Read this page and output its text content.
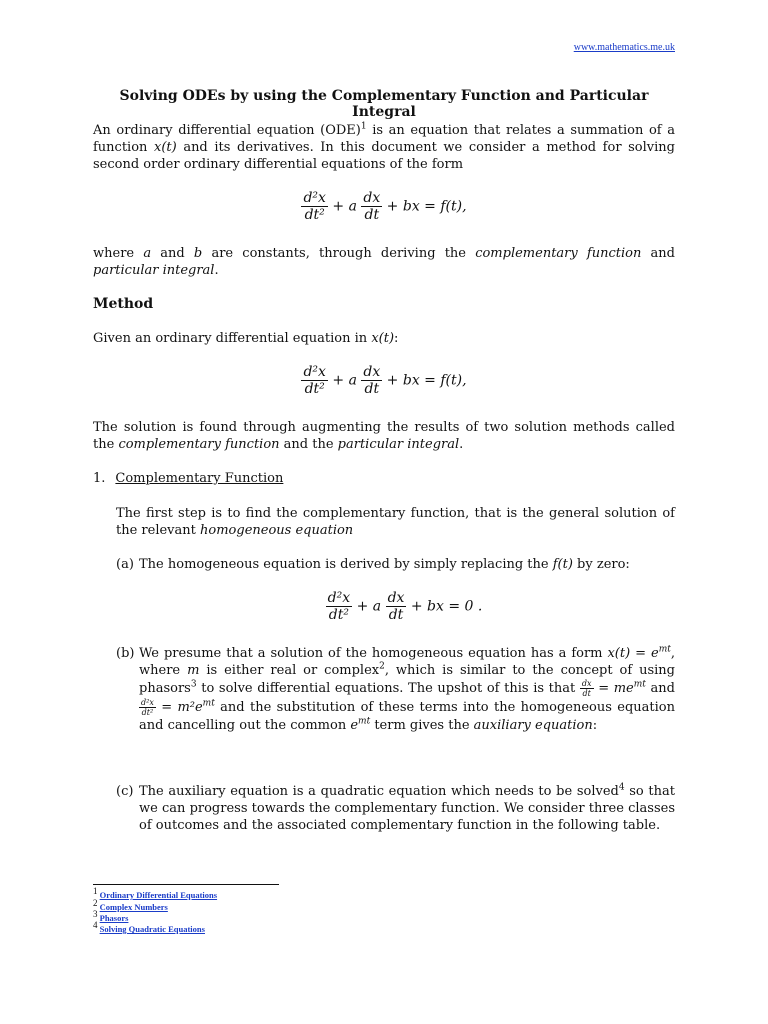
www.mathematics.me.uk
Solving ODEs by using the Complementary Function and Particular Integral
An ordinary differential equation (ODE)$^1$ is an equation that relates a summation of a function x(t) and its derivatives. In this document we consider a method for solving second order ordinary differential equations of the form
$\frac{\text{d²x}}{\text{dt²}} + a \frac{dx}{dt}$ + bx = f(t),
where a and b are constants, through deriving the complementary function and particular integral.
Method
Given an ordinary differential equation in x(t):
$\frac{\text{d²x}}{\text{dt²}} + a \frac{dx}{dt}$ + bx = f(t),
The solution is found through augmenting the results of two solution methods called the complementary function and the particular integral.
1. Complementary Function
The first step is to find the complementary function, that is the general solution of the relevant homogeneous equation
(a) The homogeneous equation is derived by simply replacing the f(t) by zero:
$\frac{\text{d²x}}{\text{dt²}} + a \frac{dx}{dt}$ + bx = 0 .
(b) We presume that a solution of the homogeneous equation has a form $x(t) = e^{mt}$, where m is either real or complex$^2$, which is similar to the concept of using phasors$^3$ to solve differential equations. The upshot of this is that $\frac{dx}{dt} = me^{mt}$ and
$\frac{\text{d²x}}{\text{dt²}} = m^2e^{mt}$ and the substitution of these terms into the homogeneous equation and cancelling out the common $e^{mt}$ term gives the auxiliary equation:
(c) The auxiliary equation is a quadratic equation which needs to be solved$^4$ so that we can progress towards the complementary function. We consider three classes of outcomes and the associated complementary function in the following table.
$^1$ Ordinary Differential Equations
$^2$ Complex Numbers
$^3$ Phasors
$^4$ Solving Quadratic Equations
